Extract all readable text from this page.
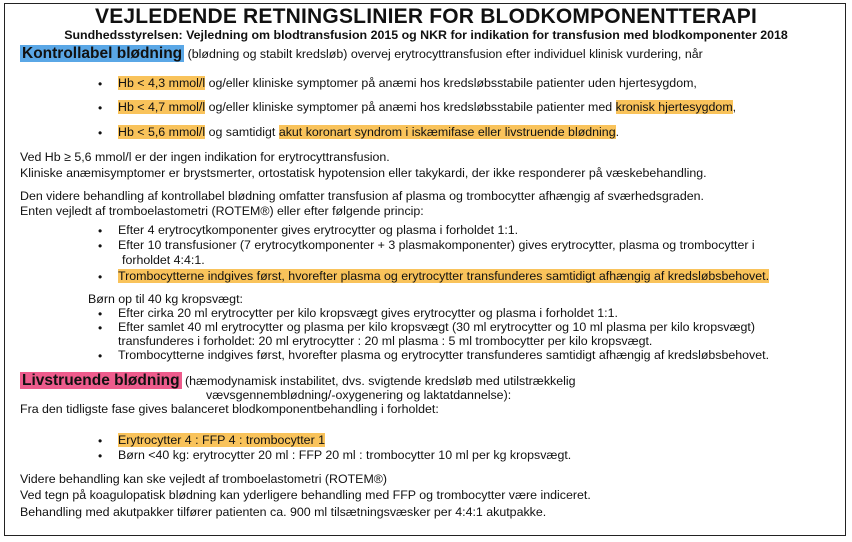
VEJLEDENDE RETNINGSLINIER FOR BLODKOMPONENTTERAPI
Sundhedsstyrelsen: Vejledning om blodtransfusion 2015 og NKR for indikation for transfusion med blodkomponenter 2018
Kontrollabel blødning (blødning og stabilt kredsløb) overvej erytrocyttransfusion efter individuel klinisk vurdering, når
• Hb < 4,3 mmol/l og/eller kliniske symptomer på anæmi hos kredsløbsstabile patienter uden hjertesygdom,
• Hb < 4,7 mmol/l og/eller kliniske symptomer på anæmi hos kredsløbsstabile patienter med kronisk hjertesygdom,
• Hb < 5,6 mmol/l og samtidigt akut koronart syndrom i iskæmifase eller livstruende blødning.
Ved Hb ≥ 5,6 mmol/l er der ingen indikation for erytrocyttransfusion.
Kliniske anæmisymptomer er brystsmerter, ortostatisk hypotension eller takykardi, der ikke responderer på væskebehandling.
Den videre behandling af kontrollabel blødning omfatter transfusion af plasma og trombocytter afhængig af sværhedsgraden.
Enten vejledt af tromboelastometri (ROTEM®) eller efter følgende princip:
• Efter 4 erytrocytkomponenter gives erytrocytter og plasma i forholdet 1:1.
• Efter 10 transfusioner (7 erytrocytkomponenter + 3 plasmakomponenter) gives erytrocytter, plasma og trombocytter i
forholdet 4:4:1.
• Trombocytterne indgives først, hvorefter plasma og erytrocytter transfunderes samtidigt afhængig af kredsløbsbehovet.
Børn op til 40 kg kropsvægt:
• Efter cirka 20 ml erytrocytter per kilo kropsvægt gives erytrocytter og plasma i forholdet 1:1.
• Efter samlet 40 ml erytrocytter og plasma per kilo kropsvægt (30 ml erytrocytter og 10 ml plasma per kilo kropsvægt)
transfunderes i forholdet: 20 ml erytrocytter : 20 ml plasma : 5 ml trombocytter per kilo kropsvægt.
• Trombocytterne indgives først, hvorefter plasma og erytrocytter transfunderes samtidigt afhængig af kredsløbsbehovet.
Livstruende blødning (hæmodynamisk instabilitet, dvs. svigtende kredsløb med utilstrækkelig
vævsgennemblødning/-oxygenering og laktatdannelse):
Fra den tidligste fase gives balanceret blodkomponentbehandling i forholdet:
• Erytrocytter 4 : FFP 4 : trombocytter 1
• Børn <40 kg: erytrocytter 20 ml : FFP 20 ml : trombocytter 10 ml per kg kropsvægt.
Videre behandling kan ske vejledt af tromboelastometri (ROTEM®)
Ved tegn på koagulopatisk blødning kan yderligere behandling med FFP og trombocytter være indiceret.
Behandling med akutpakker tilfører patienten ca. 900 ml tilsætningsvæsker per 4:4:1 akutpakke.
